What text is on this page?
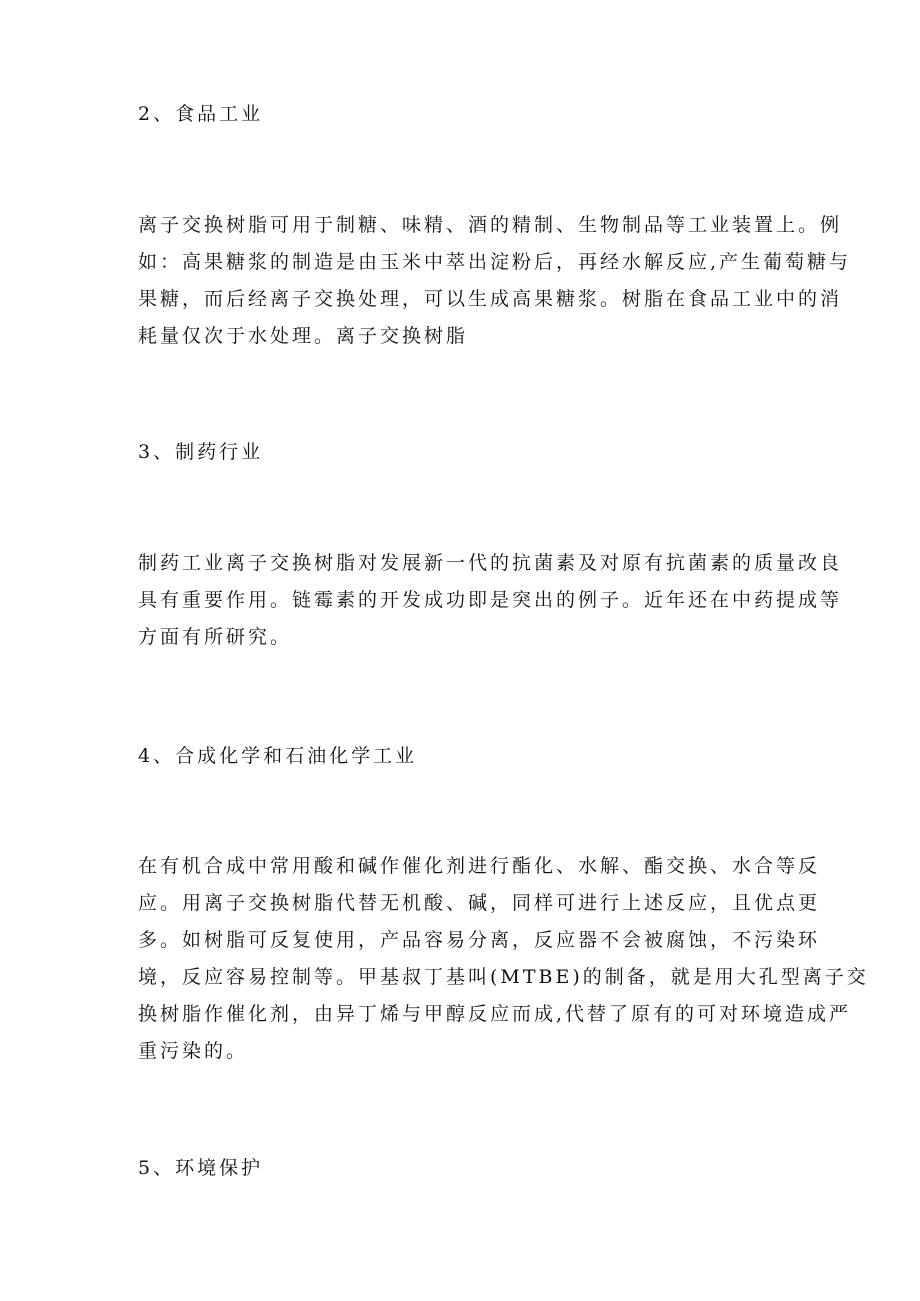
2、食品工业
离子交换树脂可用于制糖、味精、酒的精制、生物制品等工业装置上。例
如：高果糖浆的制造是由玉米中萃出淀粉后，再经水解反应,产生葡萄糖与
果糖，而后经离子交换处理，可以生成高果糖浆。树脂在食品工业中的消
耗量仅次于水处理。离子交换树脂
3、制药行业
制药工业离子交换树脂对发展新一代的抗菌素及对原有抗菌素的质量改良
具有重要作用。链霉素的开发成功即是突出的例子。近年还在中药提成等
方面有所研究。
4、合成化学和石油化学工业
在有机合成中常用酸和碱作催化剂进行酯化、水解、酯交换、水合等反
应。用离子交换树脂代替无机酸、碱，同样可进行上述反应，且优点更
多。如树脂可反复使用，产品容易分离，反应器不会被腐蚀，不污染环
境，反应容易控制等。甲基叔丁基叫(MTBE)的制备，就是用大孔型离子交
换树脂作催化剂，由异丁烯与甲醇反应而成,代替了原有的可对环境造成严
重污染的。
5、环境保护
